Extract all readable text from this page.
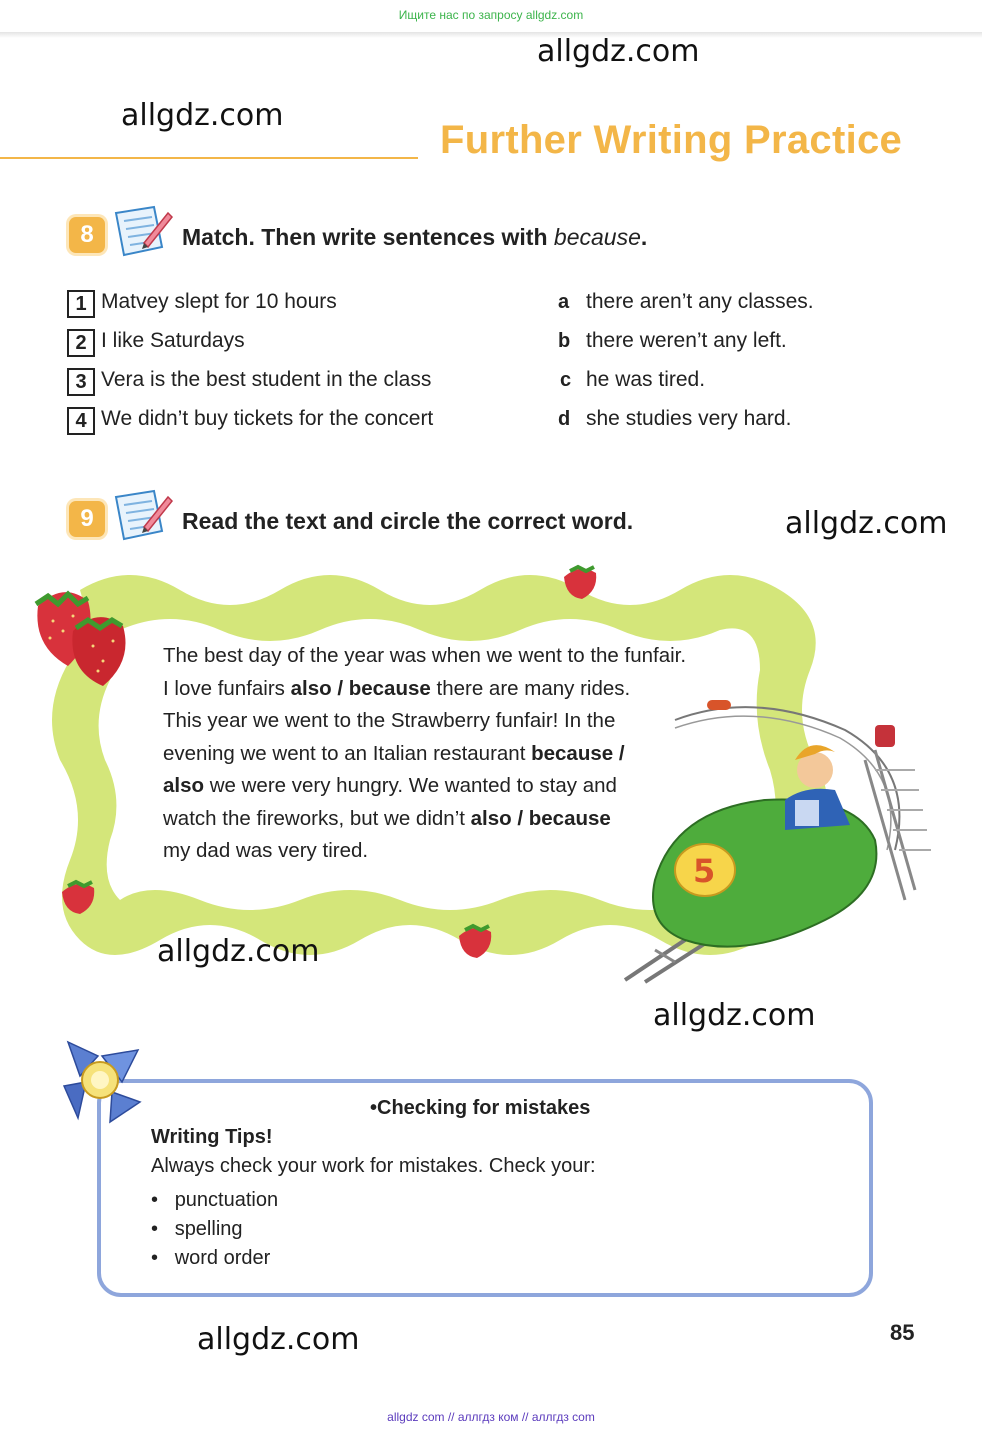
Ищите нас по запросу allgdz.com
allgdz.com
allgdz.com
Further Writing Practice
8	Match. Then write sentences with because.
1 Matvey slept for 10 hours
2 I like Saturdays
3 Vera is the best student in the class
4 We didn’t buy tickets for the concert
a there aren’t any classes.
b there weren’t any left.
c he was tired.
d she studies very hard.
9	Read the text and circle the correct word.	allgdz.com
The best day of the year was when we went to the funfair.
I love funfairs also / because there are many rides.
This year we went to the Strawberry funfair! In the
evening we went to an Italian restaurant because /
also we were very hungry. We wanted to stay and
watch the fireworks, but we didn’t also / because
my dad was very tired.
5
allgdz.com
allgdz.com
•Checking for mistakes
Writing Tips!
Always check your work for mistakes. Check your:
• punctuation
• spelling
• word order
allgdz.com	85
allgdz com // аллгдз ком // аллгдз com
